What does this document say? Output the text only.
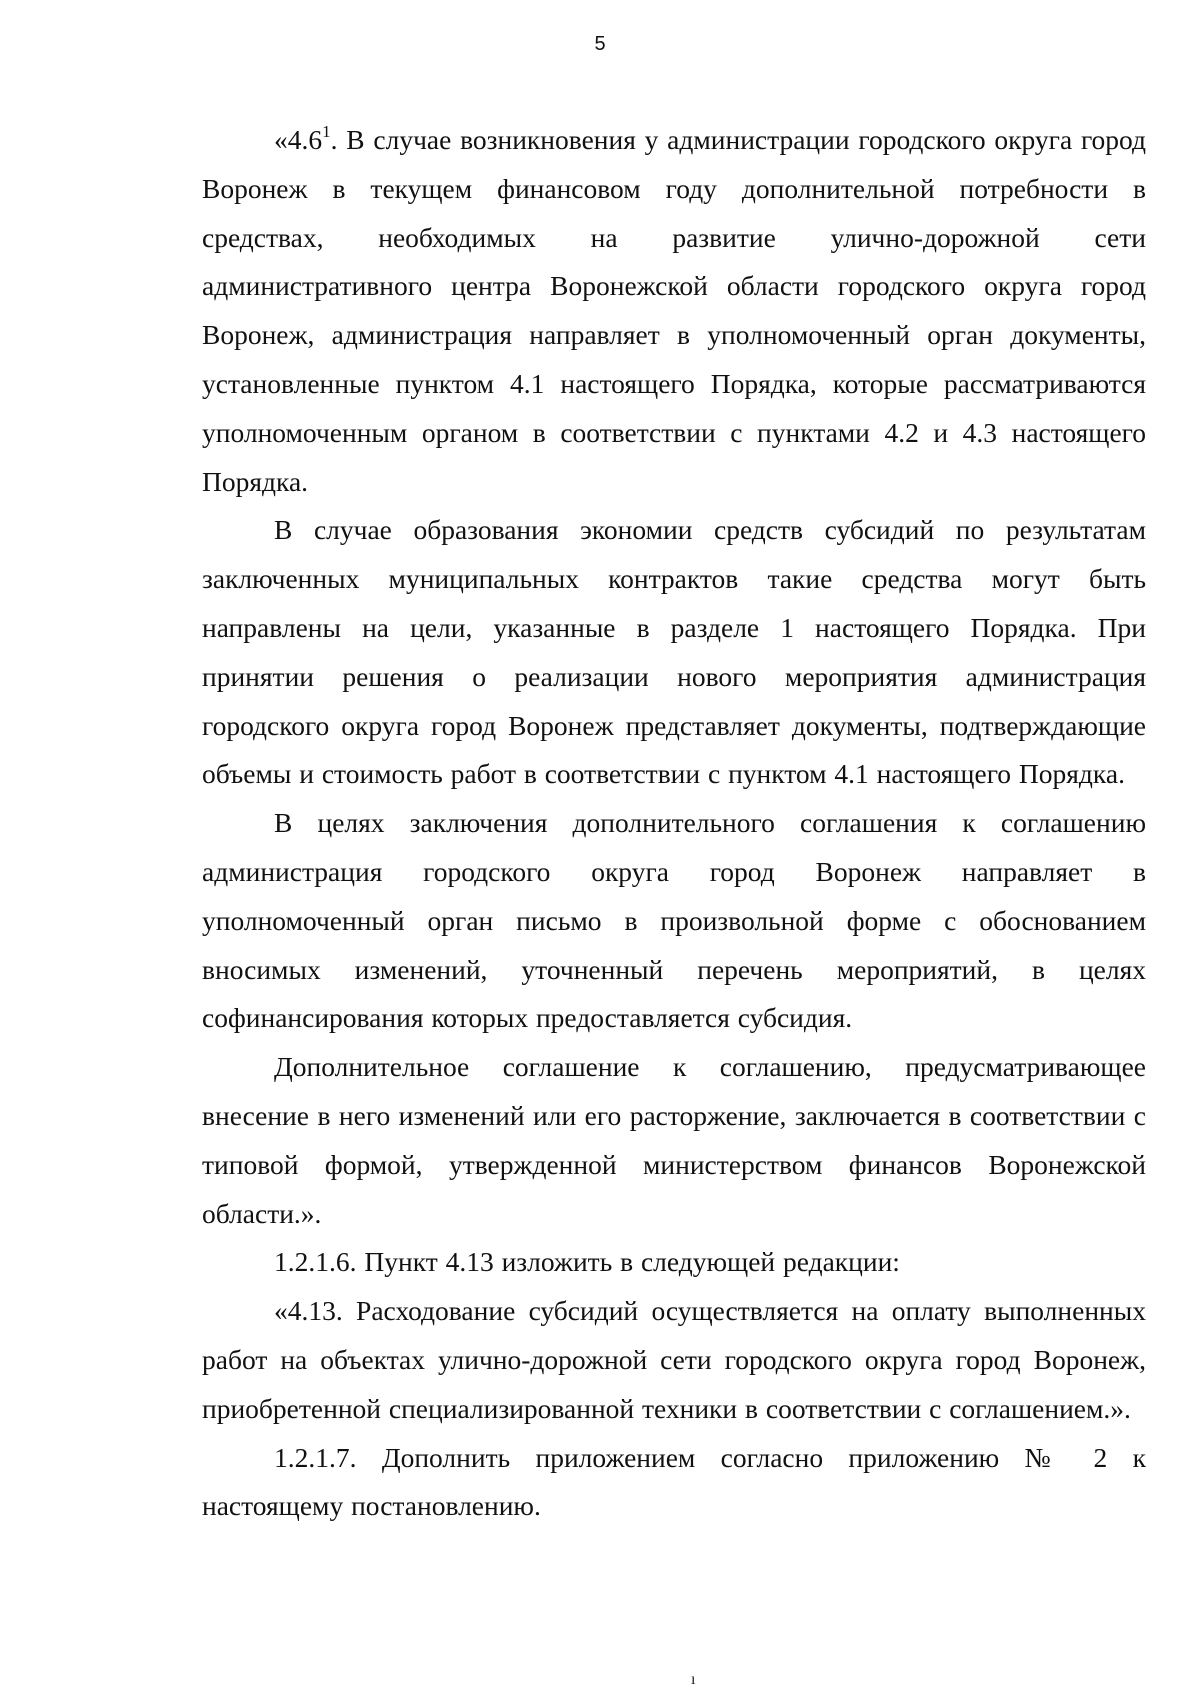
5

«$4.6^1$. В случае возникновения у администрации городского округа город Воронеж в текущем финансовом году дополнительной потребности в средствах, необходимых на развитие улично-дорожной сети административного центра Воронежской области городского округа город Воронеж, администрация направляет в уполномоченный орган документы, установленные пунктом 4.1 настоящего Порядка, которые рассматриваются уполномоченным органом в соответствии с пунктами 4.2 и 4.3 настоящего Порядка.

В случае образования экономии средств субсидий по результатам заключенных муниципальных контрактов такие средства могут быть направлены на цели, указанные в разделе 1 настоящего Порядка. При принятии решения о реализации нового мероприятия администрация городского округа город Воронеж представляет документы, подтверждающие объемы и стоимость работ в соответствии с пунктом 4.1 настоящего Порядка.

В целях заключения дополнительного соглашения к соглашению администрация городского округа город Воронеж направляет в уполномоченный орган письмо в произвольной форме с обоснованием вносимых изменений, уточненный перечень мероприятий, в целях софинансирования которых предоставляется субсидия.

Дополнительное соглашение к соглашению, предусматривающее внесение в него изменений или его расторжение, заключается в соответствии с типовой формой, утвержденной министерством финансов Воронежской области.».

1.2.1.6. Пункт 4.13 изложить в следующей редакции:

«4.13. Расходование субсидий осуществляется на оплату выполненных работ на объектах улично-дорожной сети городского округа город Воронеж, приобретенной специализированной техники в соответствии с соглашением.».

1.2.1.7. Дополнить приложением согласно приложению № 2 к настоящему постановлению.

ı
